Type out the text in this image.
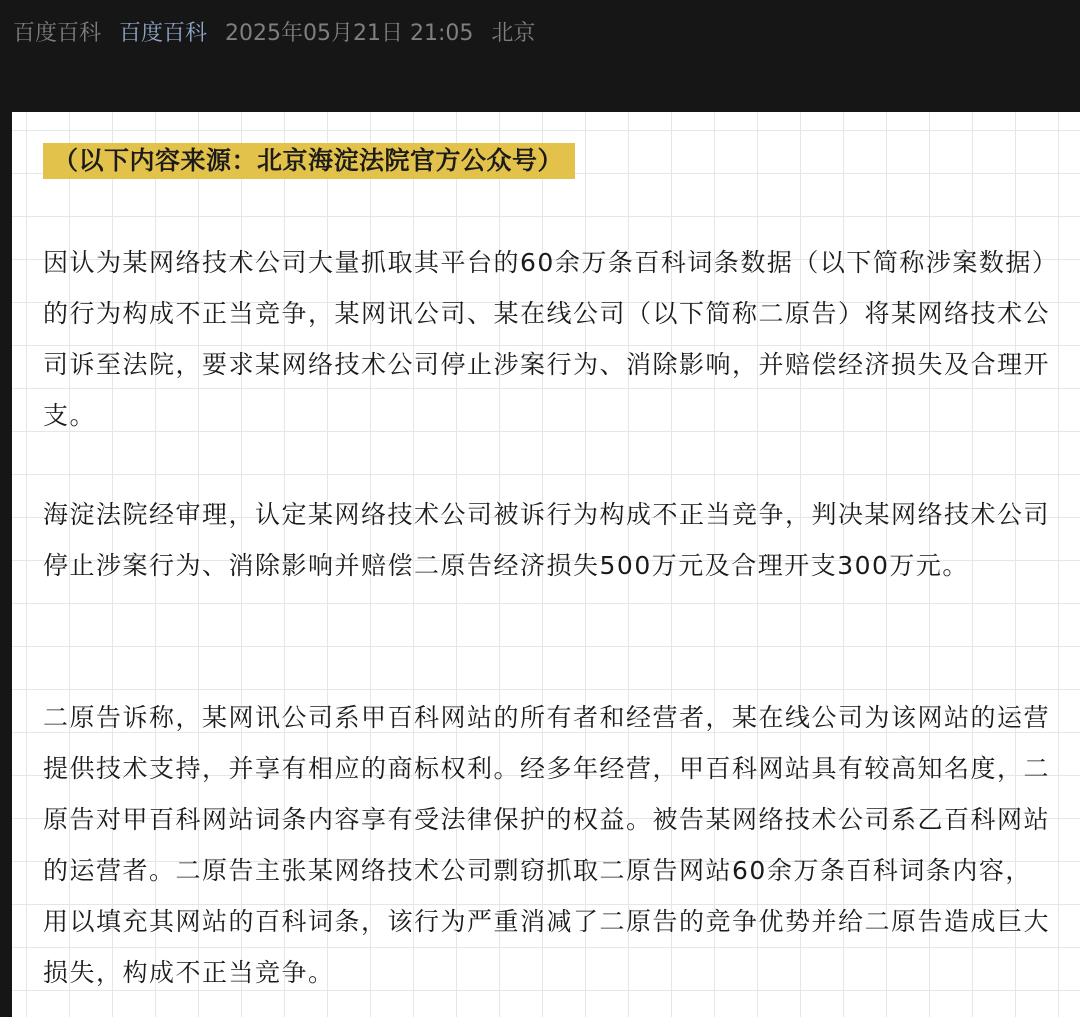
百度百科 百度百科 2025年05月21日 21:05 北京
（以下内容来源：北京海淀法院官方公众号）

因认为某网络技术公司大量抓取其平台的60余万条百科词条数据（以下简称涉案数据）的行为构成不正当竞争，某网讯公司、某在线公司（以下简称二原告）将某网络技术公司诉至法院，要求某网络技术公司停止涉案行为、消除影响，并赔偿经济损失及合理开支。

海淀法院经审理，认定某网络技术公司被诉行为构成不正当竞争，判决某网络技术公司停止涉案行为、消除影响并赔偿二原告经济损失500万元及合理开支300万元。

二原告诉称，某网讯公司系甲百科网站的所有者和经营者，某在线公司为该网站的运营提供技术支持，并享有相应的商标权利。经多年经营，甲百科网站具有较高知名度，二原告对甲百科网站词条内容享有受法律保护的权益。被告某网络技术公司系乙百科网站的运营者。二原告主张某网络技术公司剽窃抓取二原告网站60余万条百科词条内容，用以填充其网站的百科词条，该行为严重消减了二原告的竞争优势并给二原告造成巨大损失，构成不正当竞争。
